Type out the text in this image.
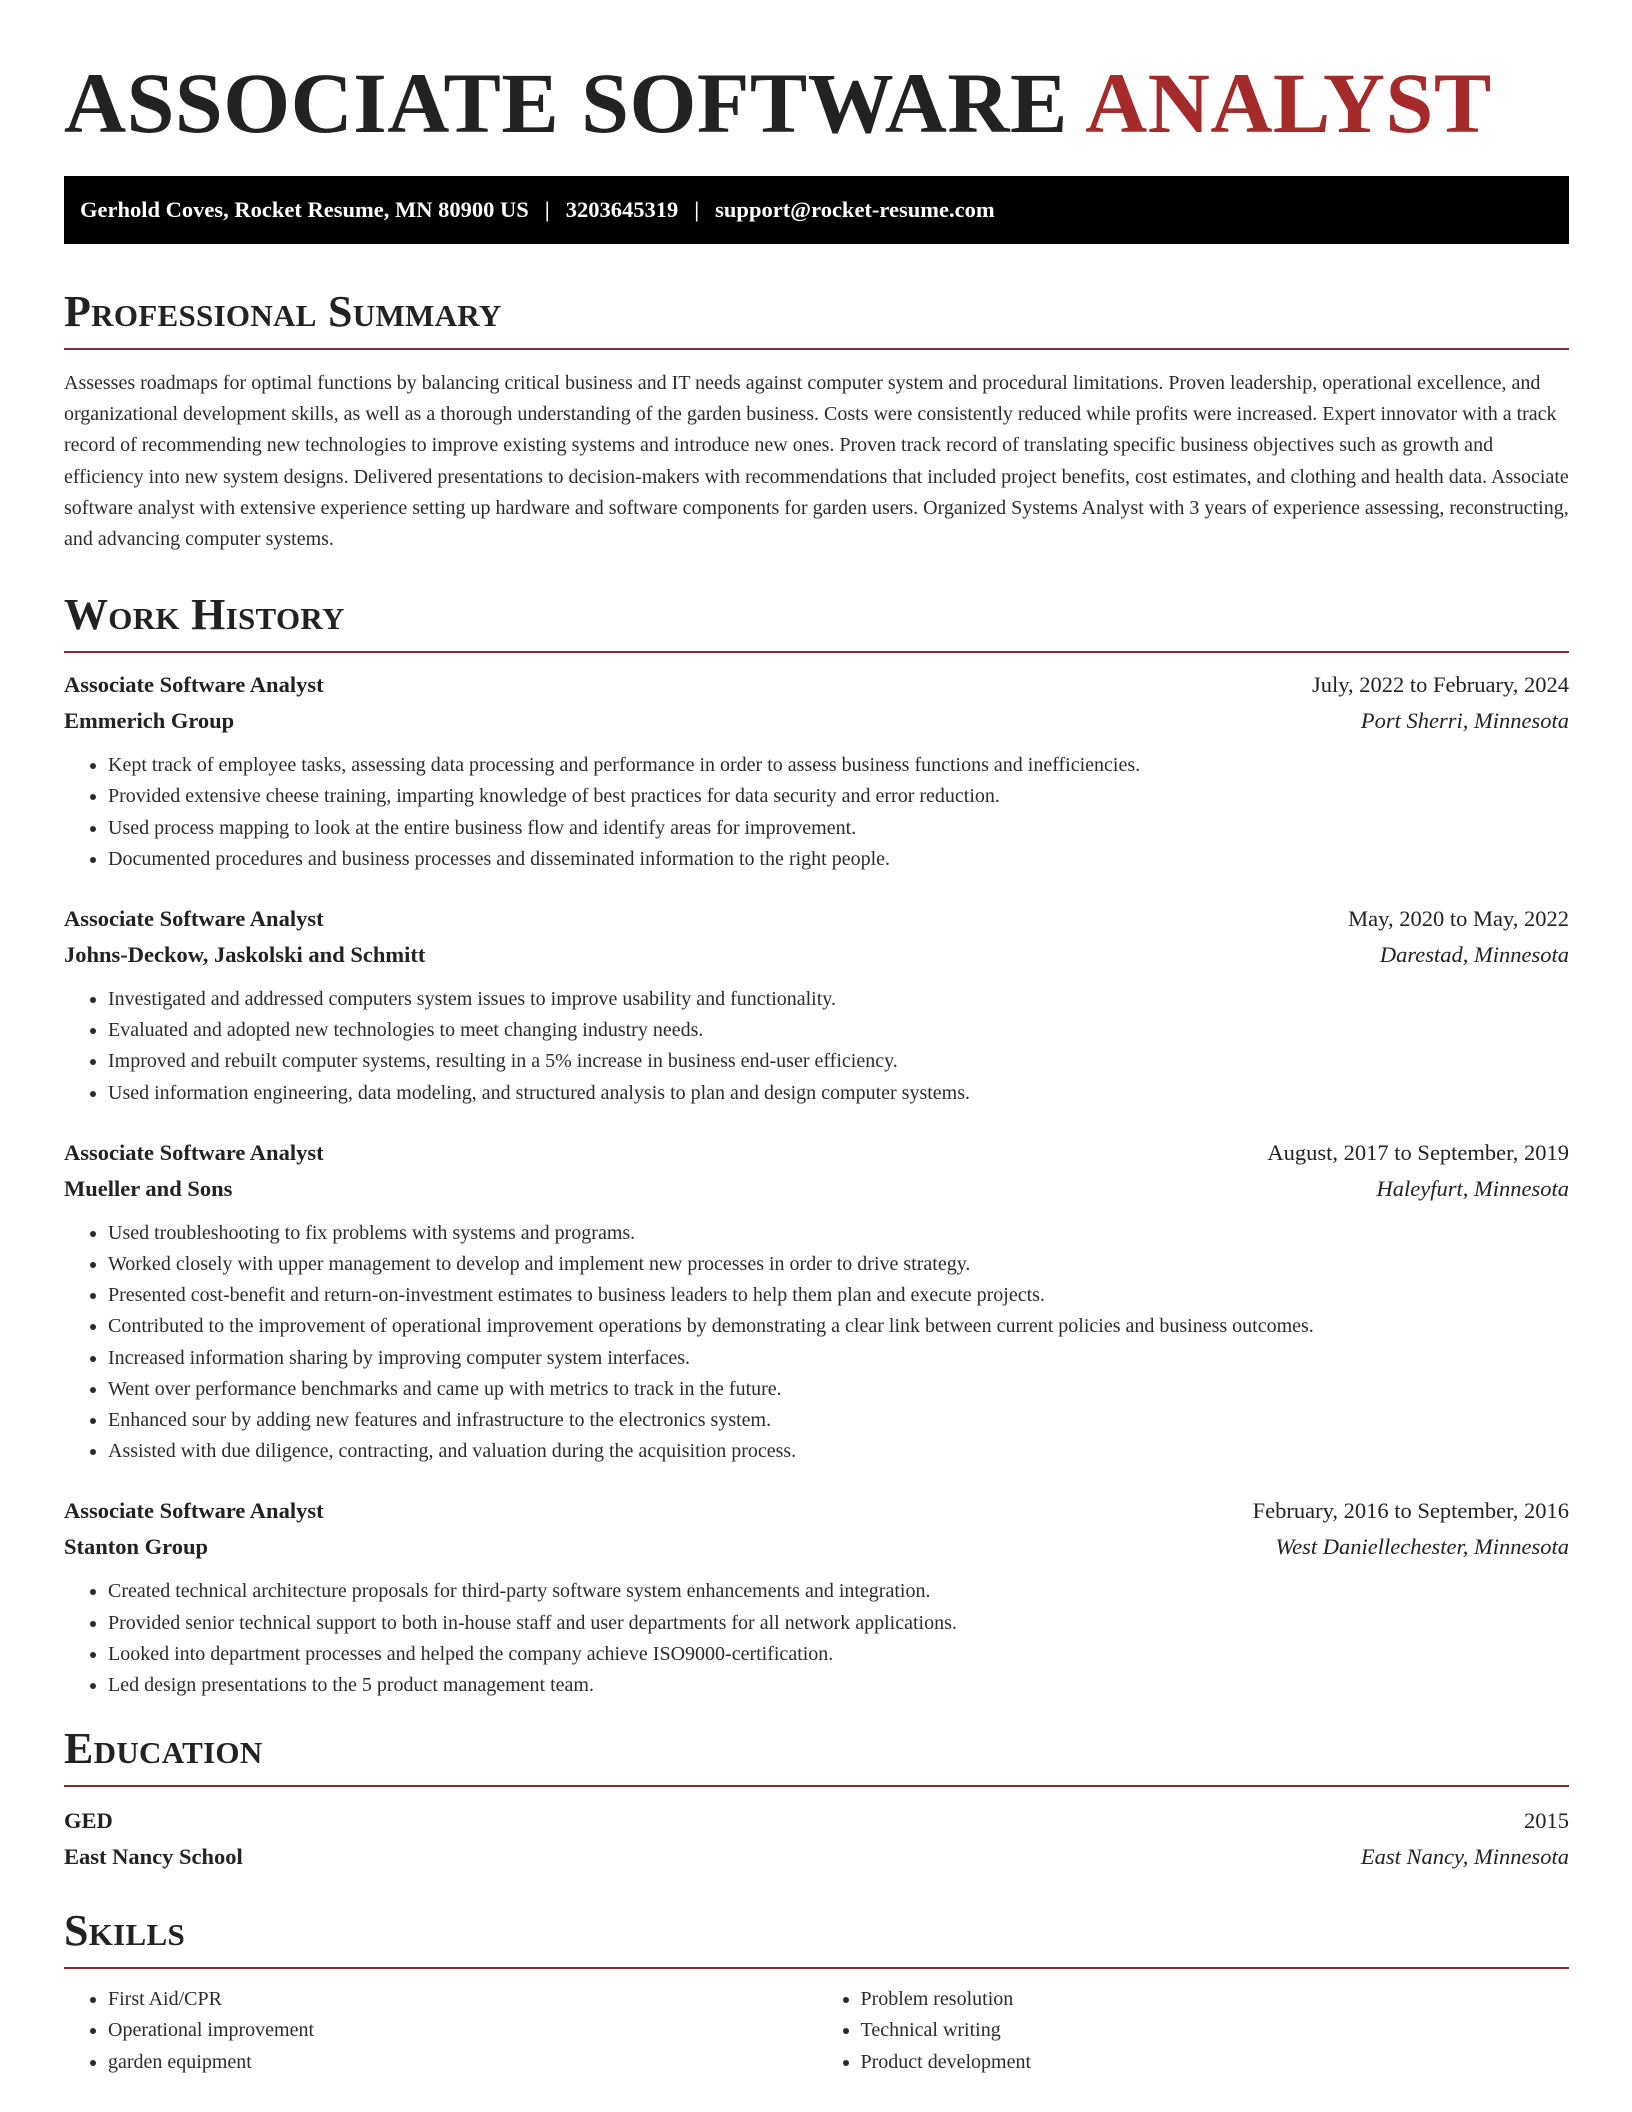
ASSOCIATE SOFTWARE ANALYST
Gerhold Coves, Rocket Resume, MN 80900 US | 3203645319 | support@rocket-resume.com
Professional Summary

Assesses roadmaps for optimal functions by balancing critical business and IT needs against computer system and procedural limitations. Proven leadership, operational excellence, and organizational development skills, as well as a thorough understanding of the garden business. Costs were consistently reduced while profits were increased. Expert innovator with a track record of recommending new technologies to improve existing systems and introduce new ones. Proven track record of translating specific business objectives such as growth and efficiency into new system designs. Delivered presentations to decision-makers with recommendations that included project benefits, cost estimates, and clothing and health data. Associate software analyst with extensive experience setting up hardware and software components for garden users. Organized Systems Analyst with 3 years of experience assessing, reconstructing, and advancing computer systems.

Work History
Associate Software Analyst	July, 2022 to February, 2024
Emmerich Group	Port Sherri, Minnesota
• Kept track of employee tasks, assessing data processing and performance in order to assess business functions and inefficiencies.
• Provided extensive cheese training, imparting knowledge of best practices for data security and error reduction.
• Used process mapping to look at the entire business flow and identify areas for improvement.
• Documented procedures and business processes and disseminated information to the right people.
Associate Software Analyst	May, 2020 to May, 2022
Johns-Deckow, Jaskolski and Schmitt	Darestad, Minnesota
• Investigated and addressed computers system issues to improve usability and functionality.
• Evaluated and adopted new technologies to meet changing industry needs.
• Improved and rebuilt computer systems, resulting in a 5% increase in business end-user efficiency.
• Used information engineering, data modeling, and structured analysis to plan and design computer systems.
Associate Software Analyst	August, 2017 to September, 2019
Mueller and Sons	Haleyfurt, Minnesota
• Used troubleshooting to fix problems with systems and programs.
• Worked closely with upper management to develop and implement new processes in order to drive strategy.
• Presented cost-benefit and return-on-investment estimates to business leaders to help them plan and execute projects.
• Contributed to the improvement of operational improvement operations by demonstrating a clear link between current policies and business outcomes.
• Increased information sharing by improving computer system interfaces.
• Went over performance benchmarks and came up with metrics to track in the future.
• Enhanced sour by adding new features and infrastructure to the electronics system.
• Assisted with due diligence, contracting, and valuation during the acquisition process.
Associate Software Analyst	February, 2016 to September, 2016
Stanton Group	West Daniellechester, Minnesota
• Created technical architecture proposals for third-party software system enhancements and integration.
• Provided senior technical support to both in-house staff and user departments for all network applications.
• Looked into department processes and helped the company achieve ISO9000-certification.
• Led design presentations to the 5 product management team.
Education
GED	2015
East Nancy School	East Nancy, Minnesota
Skills
• First Aid/CPR
• Operational improvement
• garden equipment
• Problem resolution
• Technical writing
• Product development
